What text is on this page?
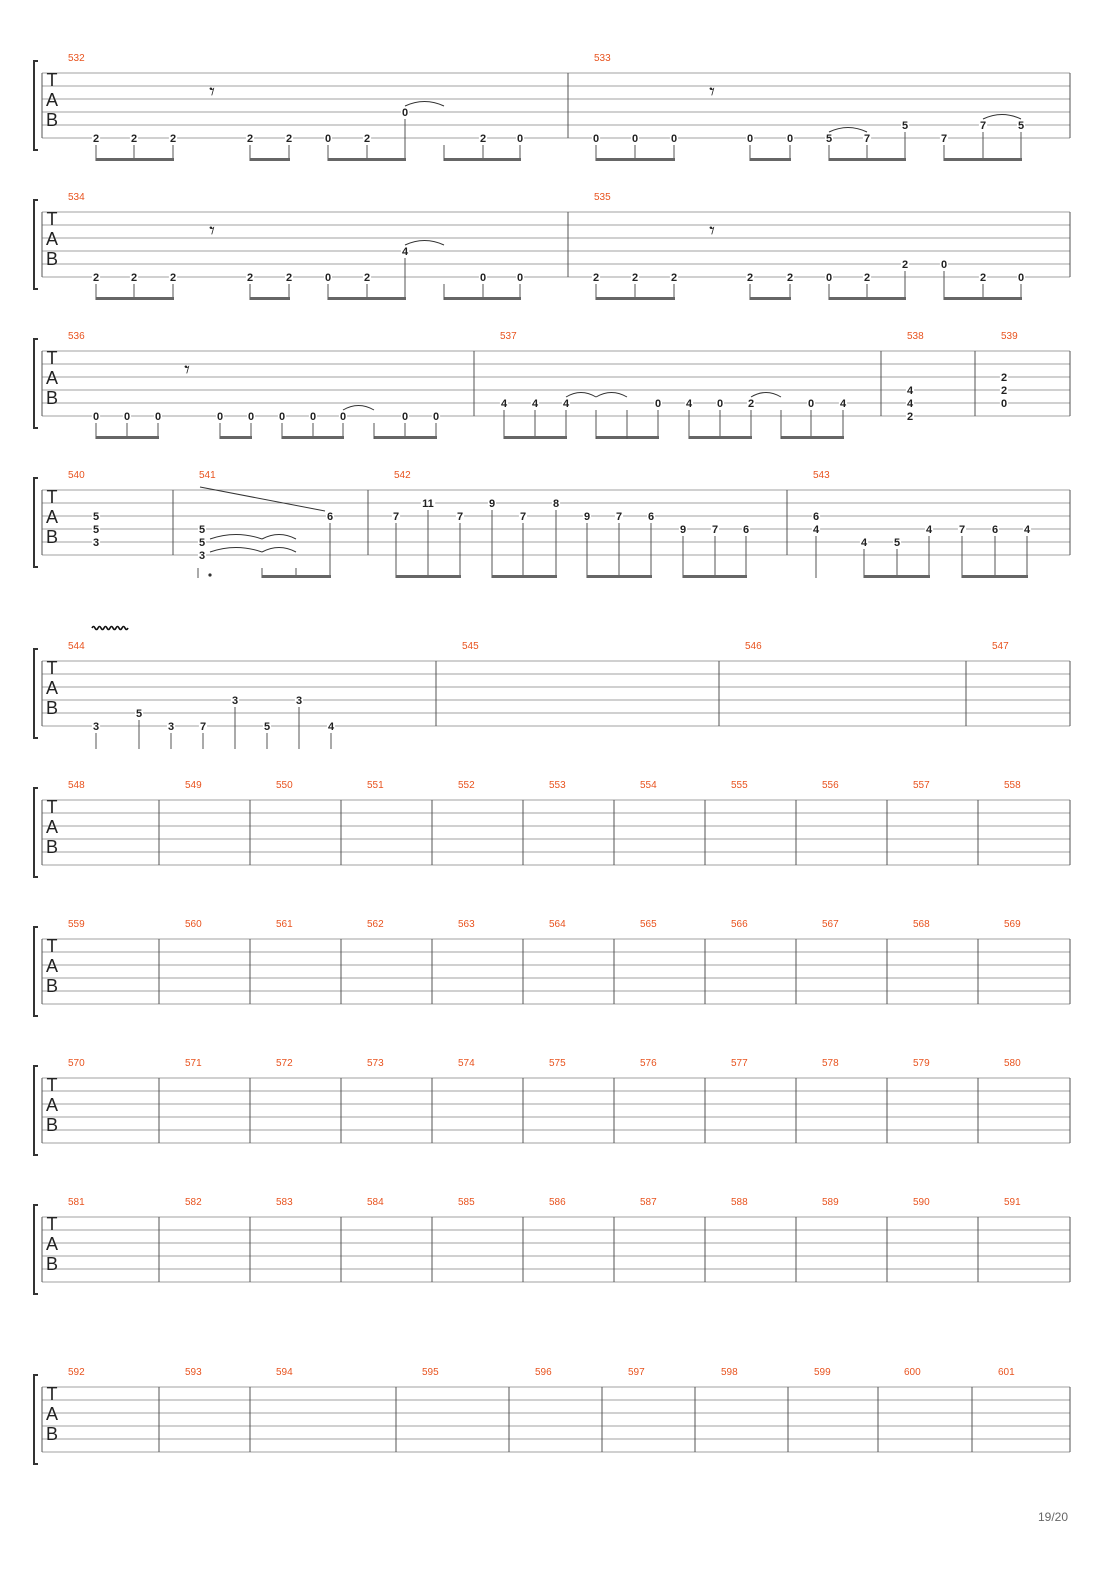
T
A
B
532	533
T
A
B
534	535
T
A
B
536	537	538	539
T
A
B
540	541	542	543
T
A
B
544	545	546	547
T
A
B
548	549	550	551	552	553	554	555	556	557	558
T
A
B
559	560	561	562	563	564	565	566	567	568	569
T
A
B
570	571	572	573	574	575	576	577	578	579	580
T
A
B
581	582	583	584	585	586	587	588	589	590	591
T
A
B
592	593	594	595	596	597	598	599	600	601
2	2	2	2	2	0	2
0
2	0
𝄾
0	0	0	0	0	5	7
5
7
7	5
𝄾
2	2	2	2	2	0	2
4
0	0
𝄾
2	2	2	2	2	0	2
2	0
2	0
𝄾
0 0 0	0 0 0 0 0	0 0
𝄾
4 4 4	0 4 0 2	0 4
4
4
2
2
2
0
5
5
3
5
5
3
6	7
11
7
9
7
8
9 7 6
9 7 6
6
4
4 5
4 7 6 4
3
5
3 7
3
5
3
4
19/20
